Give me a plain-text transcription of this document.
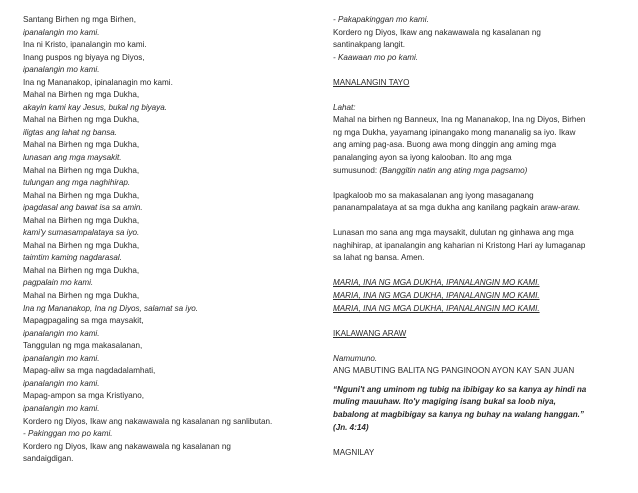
Santang Birhen ng mga Birhen,
ipanalangin mo kami.
Ina ni Kristo, ipanalangin mo kami.
Inang puspos ng biyaya ng Diyos,
ipanalangin mo kami.
Ina ng Mananakop, ipinalanagin mo kami.
Mahal na Birhen ng mga Dukha,
akayin kami kay Jesus, bukal ng biyaya.
Mahal na Birhen ng mga Dukha,
iligtas ang lahat ng bansa.
Mahal na Birhen ng mga Dukha,
lunasan ang mga maysakit.
Mahal na Birhen ng mga Dukha,
tulungan ang mga naghihirap.
Mahal na Birhen ng mga Dukha,
ipagdasal ang bawat isa sa amin.
Mahal na Birhen ng mga Dukha,
kami'y sumasampalataya sa iyo.
Mahal na Birhen ng mga Dukha,
taimtim kaming nagdarasal.
Mahal na Birhen ng mga Dukha,
pagpalain mo kami.
Mahal na Birhen ng mga Dukha,
Ina ng Mananakop, Ina ng Diyos, salamat sa iyo.
Mapagpagaling sa mga maysakit,
ipanalangin mo kami.
Tanggulan ng mga makasalanan,
ipanalangin mo kami.
Mapag-aliw sa mga nagdadalamhati,
ipanalangin mo kami.
Mapag-ampon sa mga Kristiyano,
ipanalangin mo kami.
Kordero ng Diyos, Ikaw ang nakawawala ng kasalanan ng sanlibutan.
- Pakinggan mo po kami.
Kordero ng Diyos, Ikaw ang nakawawala ng kasalanan ng
sandaigdigan.
- Pakapakinggan mo kami.
Kordero ng Diyos, Ikaw ang nakawawala ng kasalanan ng
santinakpang langit.
- Kaawaan mo po kami.
MANALANGIN TAYO
Lahat:
Mahal na birhen ng Banneux, Ina ng Mananakop, Ina ng Diyos, Birhen
ng mga Dukha, yayamang ipinangako mong mananalig sa iyo. Ikaw
ang aming pag-asa. Buong awa mong dinggin ang aming mga
panalanging ayon sa iyong kalooban. Ito ang mga
sumusunod: (Banggitin natin ang ating mga pagsamo)
Ipagkaloob mo sa makasalanan ang iyong masaganang
pananampalataya at sa mga dukha ang kanilang pagkain araw-araw.
Lunasan mo sana ang mga maysakit, dulutan ng ginhawa ang mga
naghihirap, at ipanalangin ang kaharian ni Kristong Hari ay lumaganap
sa lahat ng bansa. Amen.
MARIA, INA NG MGA DUKHA, IPANALANGIN MO KAMI.
MARIA, INA NG MGA DUKHA, IPANALANGIN MO KAMI.
MARIA, INA NG MGA DUKHA, IPANALANGIN MO KAMI.
IKALAWANG ARAW
Namumuno.
ANG MABUTING BALITA NG PANGINOON AYON KAY SAN JUAN
“Nguni't ang uminom ng tubig na ibibigay ko sa kanya ay hindi na
muling mauuhaw. Ito'y magiging isang bukal sa loob niya,
babalong at magbibigay sa kanya ng buhay na walang hanggan.”
(Jn. 4:14)
MAGNILAY
